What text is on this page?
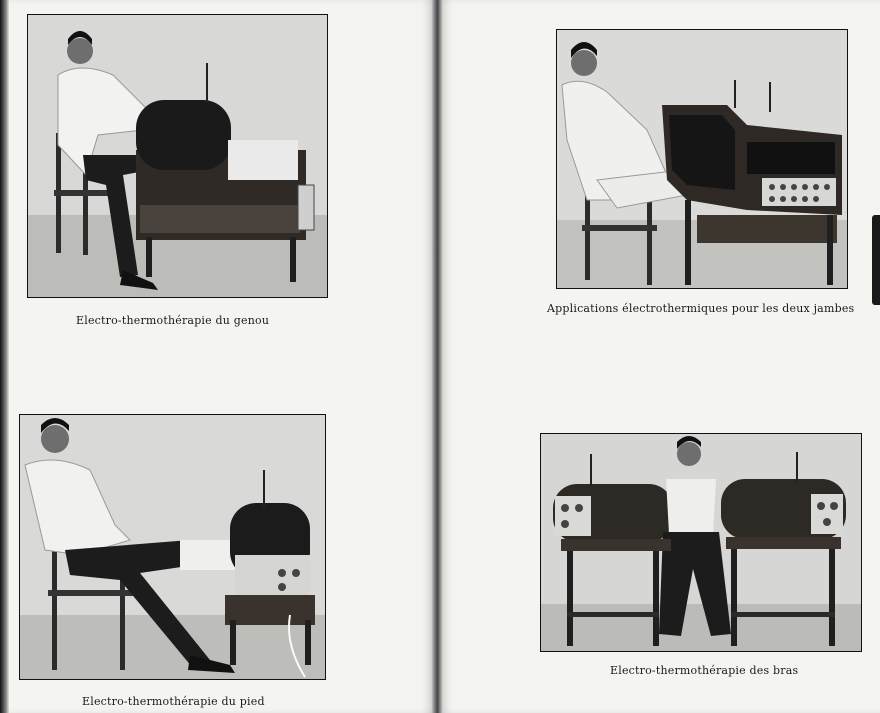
Electro-thermothérapie du genou
Applications électrothermiques pour les deux jambes
Electro-thermothérapie du pied
Electro-thermothérapie des bras
